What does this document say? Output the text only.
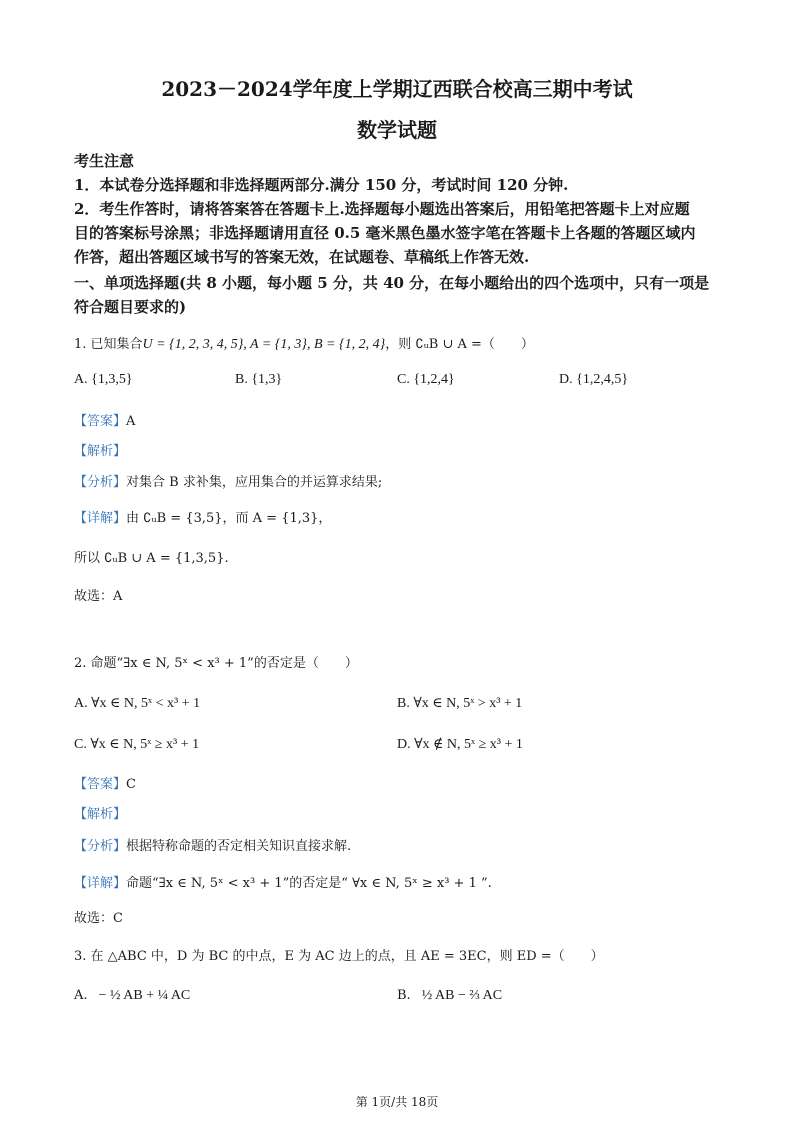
2023－2024学年度上学期辽西联合校高三期中考试
数学试题
考生注意
1．本试卷分选择题和非选择题两部分.满分 150 分，考试时间 120 分钟.
2．考生作答时，请将答案答在答题卡上.选择题每小题选出答案后，用铅笔把答题卡上对应题
目的答案标号涂黑；非选择题请用直径 0.5 毫米黑色墨水签字笔在答题卡上各题的答题区域内
作答，超出答题区域书写的答案无效，在试题卷、草稿纸上作答无效.
一、单项选择题(共 8 小题，每小题 5 分，共 40 分，在每小题给出的四个选项中，只有一项是
符合题目要求的)
1. 已知集合U = {1, 2, 3, 4, 5}, A = {1, 3}, B = {1, 2, 4}，则 ∁ᵤB ∪ A =（　　）
A. {1,3,5}	B. {1,3}	C. {1,2,4}	D. {1,2,4,5}
【答案】A
【解析】
【分析】对集合 B 求补集，应用集合的并运算求结果;
【详解】由 ∁ᵤB = {3,5}，而 A = {1,3}，
所以 ∁ᵤB ∪ A = {1,3,5}.
故选：A
2. 命题“∃x ∈ N, 5ˣ < x³ + 1”的否定是（　　）
A. ∀x ∈ N, 5ˣ < x³ + 1	B. ∀x ∈ N, 5ˣ > x³ + 1
C. ∀x ∈ N, 5ˣ ≥ x³ + 1	D. ∀x ∉ N, 5ˣ ≥ x³ + 1
【答案】C
【解析】
【分析】根据特称命题的否定相关知识直接求解.
【详解】命题“∃x ∈ N, 5ˣ < x³ + 1”的否定是“ ∀x ∈ N, 5ˣ ≥ x³ + 1 ”.
故选：C
3. 在 △ABC 中，D 为 BC 的中点，E 为 AC 边上的点，且 AE = 3EC，则 ED =（　　）
A. − ½ AB + ¼ AC	B. ½ AB − ⅔ AC
第 1页/共 18页
